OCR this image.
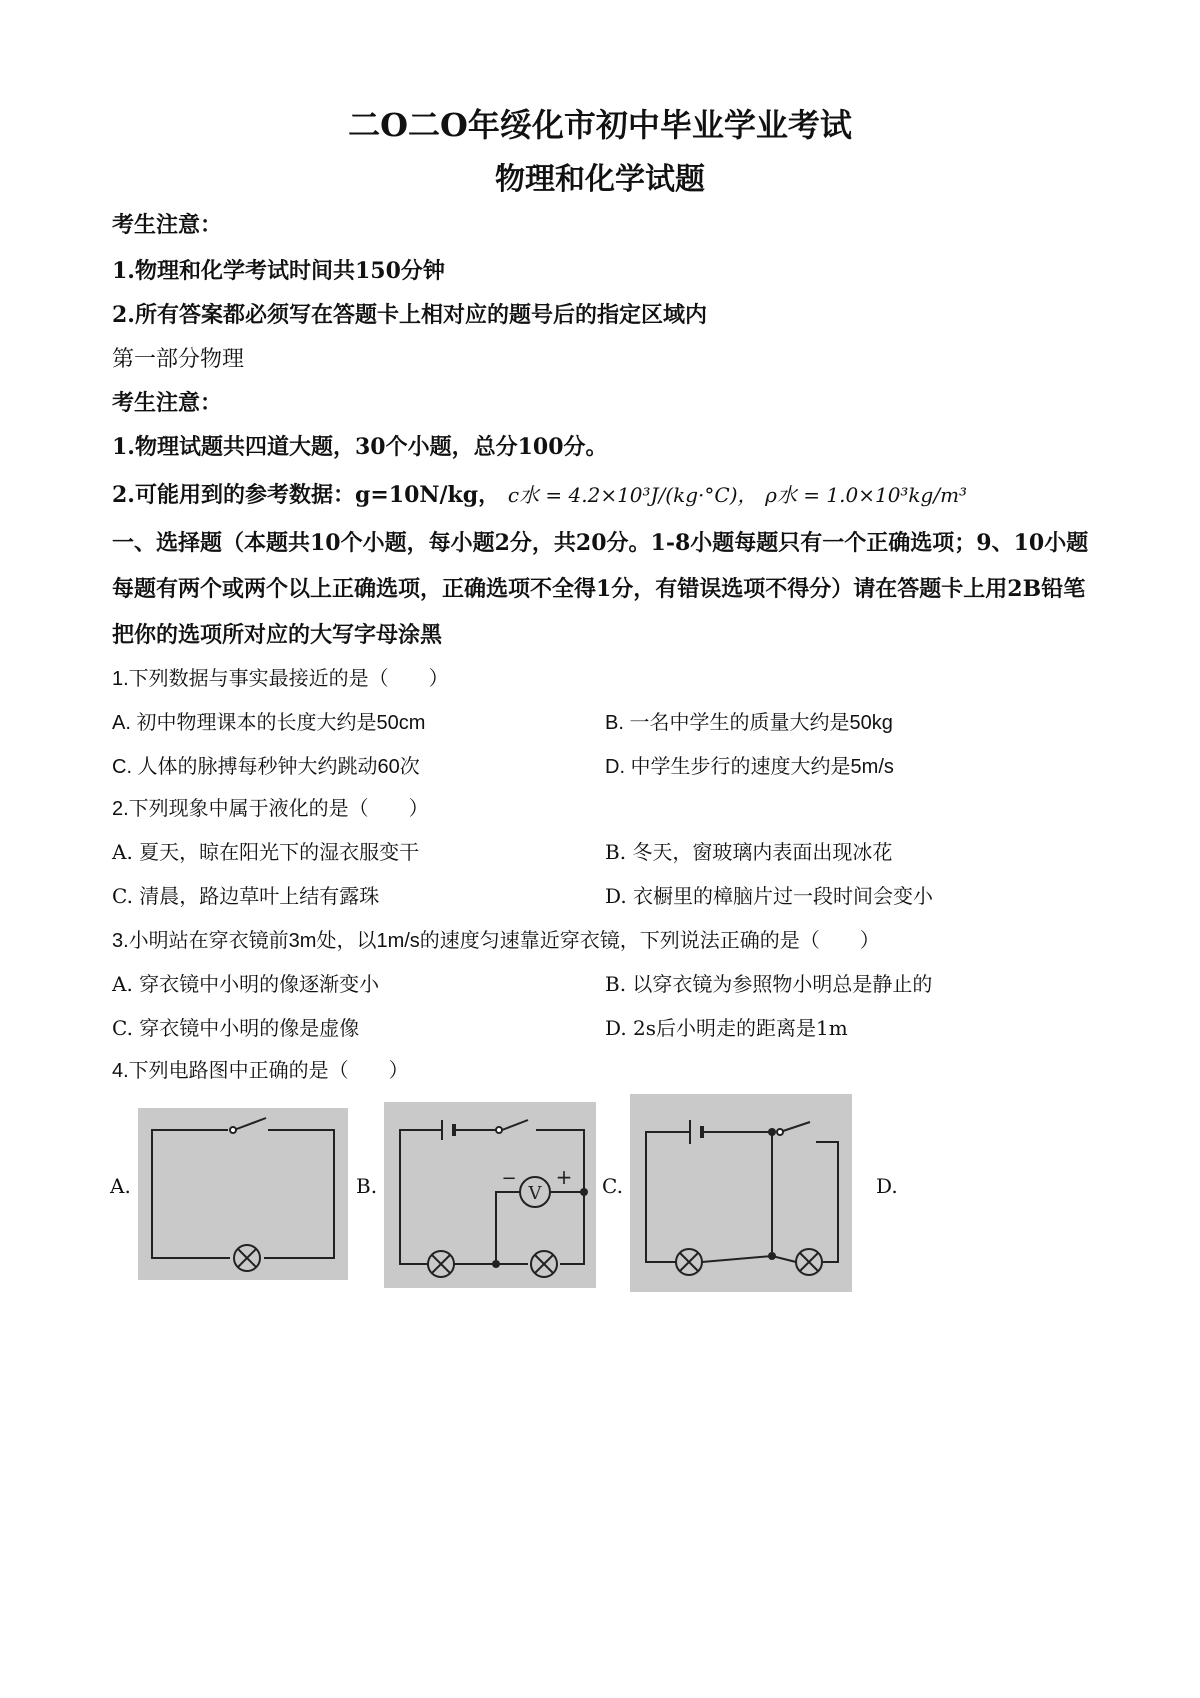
二O二O年绥化市初中毕业学业考试
物理和化学试题
考生注意：
1.物理和化学考试时间共150分钟
2.所有答案都必须写在答题卡上相对应的题号后的指定区域内
第一部分物理
考生注意：
1.物理试题共四道大题，30个小题，总分100分。
2.可能用到的参考数据：g=10N/kg， c水 = 4.2×10³J/(kg·°C)， ρ水 = 1.0×10³kg/m³
一、选择题（本题共10个小题，每小题2分，共20分。1-8小题每题只有一个正确选项；9、10小题每题有两个或两个以上正确选项，正确选项不全得1分，有错误选项不得分）请在答题卡上用2B铅笔把你的选项所对应的大写字母涂黑
1.下列数据与事实最接近的是（　　）
A. 初中物理课本的长度大约是50cm	B. 一名中学生的质量大约是50kg
C. 人体的脉搏每秒钟大约跳动60次	D. 中学生步行的速度大约是5m/s
2.下列现象中属于液化的是（　　）
A. 夏天，晾在阳光下的湿衣服变干	B. 冬天，窗玻璃内表面出现冰花
C. 清晨，路边草叶上结有露珠	D. 衣橱里的樟脑片过一段时间会变小
3.小明站在穿衣镜前3m处，以1m/s的速度匀速靠近穿衣镜，下列说法正确的是（　　）
A. 穿衣镜中小明的像逐渐变小	B. 以穿衣镜为参照物小明总是静止的
C. 穿衣镜中小明的像是虚像	D. 2s后小明走的距离是1m
4.下列电路图中正确的是（　　）
A.	B.	C.	D.
V
− +
